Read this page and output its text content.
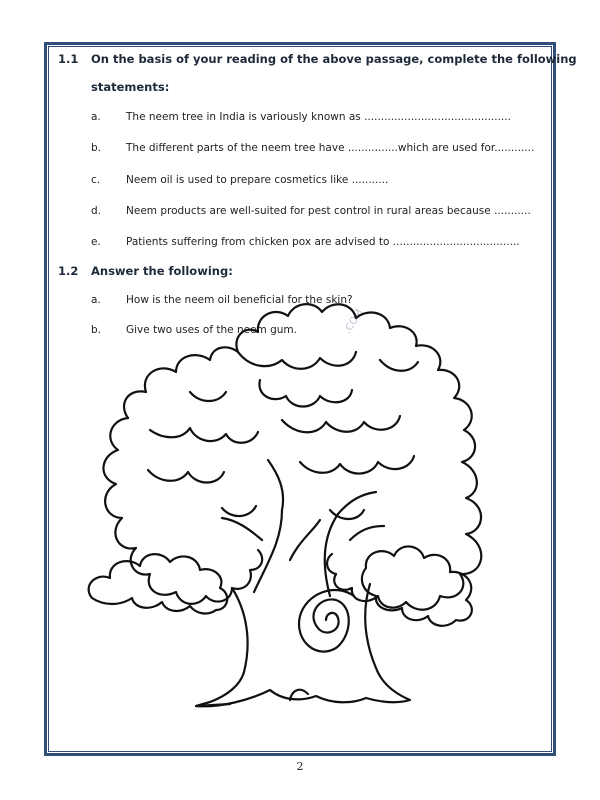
1.1 On the basis of your reading of the above passage, complete the following
statements:
a. The neem tree in India is variously known as ............................................
b. The different parts of the neem tree have ...............which are used for............
c. Neem oil is used to prepare cosmetics like ...........
d. Neem products are well-suited for pest control in rural areas because ...........
e. Patients suffering from chicken pox are advised to ......................................
1.2 Answer the following:
a. How is the neem oil beneficial for the skin?
b. Give two uses of the neem gum.	.COM
2
